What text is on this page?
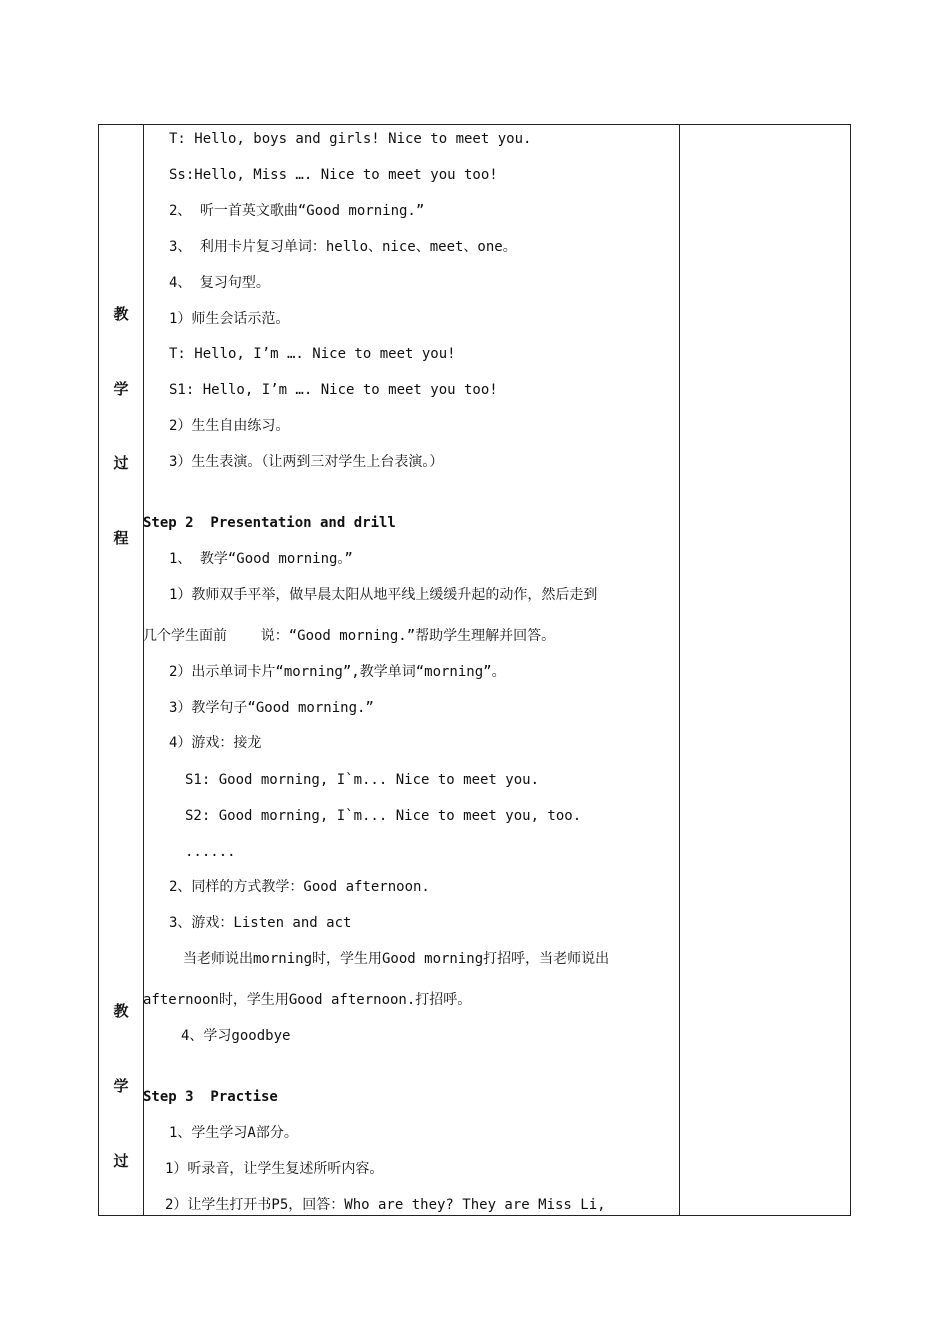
教
学
过
程
教
学
过
T: Hello, boys and girls! Nice to meet you.
Ss:Hello, Miss …. Nice to meet you too!
2、 听一首英文歌曲“Good morning.”
3、 利用卡片复习单词：hello、nice、meet、one。
4、 复习句型。
1）师生会话示范。
T: Hello, I’m …. Nice to meet you!
S1: Hello, I’m …. Nice to meet you too!
2）生生自由练习。
3）生生表演。（让两到三对学生上台表演。）
Step 2  Presentation and drill
1、 教学“Good morning。”
1）教师双手平举，做早晨太阳从地平线上缓缓升起的动作，然后走到
几个学生面前    说：“Good morning.”帮助学生理解并回答。
2）出示单词卡片“morning”,教学单词“morning”。
3）教学句子“Good morning.”
4）游戏：接龙
S1: Good morning, I`m... Nice to meet you.
S2: Good morning, I`m... Nice to meet you, too.
......
2、同样的方式教学：Good afternoon.
3、游戏：Listen and act
当老师说出morning时，学生用Good morning打招呼，当老师说出
afternoon时，学生用Good afternoon.打招呼。
4、学习goodbye
Step 3  Practise
1、学生学习A部分。
1）听录音，让学生复述所听内容。
2）让学生打开书P5，回答：Who are they? They are Miss Li,
